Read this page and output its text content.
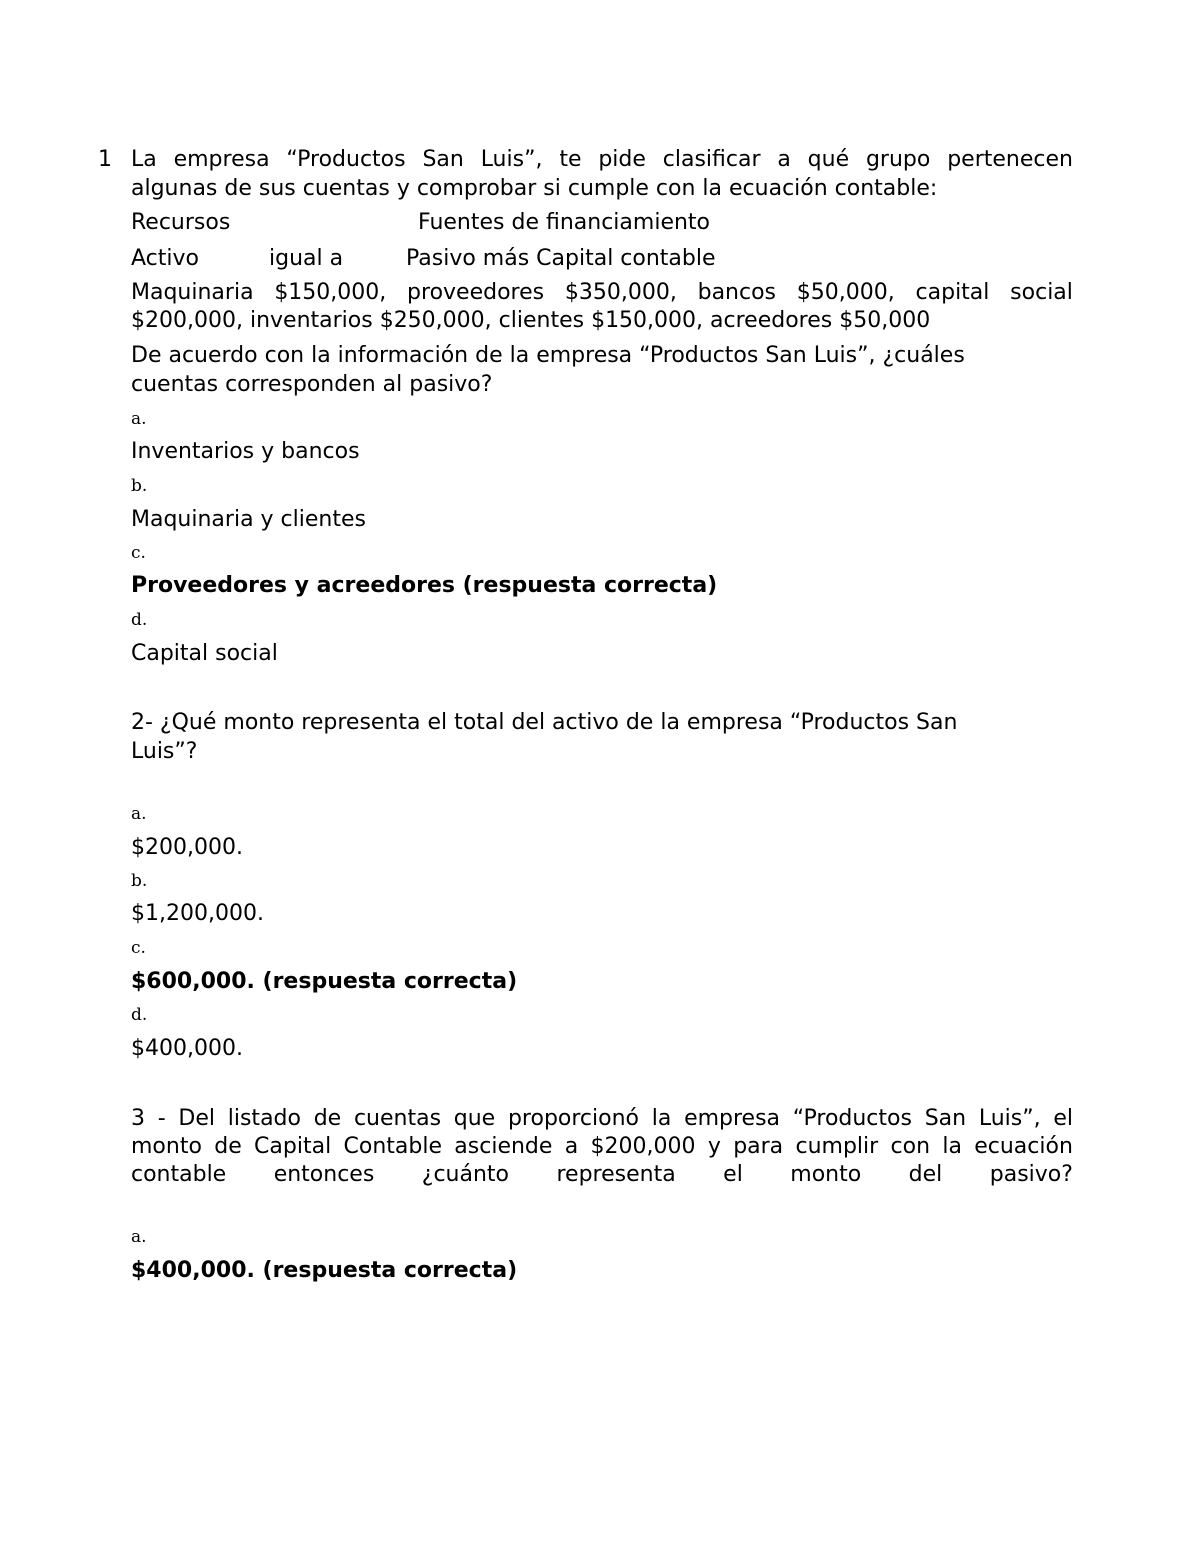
1 La empresa “Productos San Luis”, te pide clasificar a qué grupo pertenecen
algunas de sus cuentas y comprobar si cumple con la ecuación contable:
Recursos	Fuentes de financiamiento
Activo	igual a	Pasivo más Capital contable
Maquinaria $150,000, proveedores $350,000, bancos $50,000, capital social
$200,000, inventarios $250,000, clientes $150,000, acreedores $50,000
De acuerdo con la información de la empresa “Productos San Luis”, ¿cuáles
cuentas corresponden al pasivo?
a.
Inventarios y bancos
b.
Maquinaria y clientes
c.
Proveedores y acreedores (respuesta correcta)
d.
Capital social
2- ¿Qué monto representa el total del activo de la empresa “Productos San
Luis”?
a.
$200,000.
b.
$1,200,000.
c.
$600,000. (respuesta correcta)
d.
$400,000.
3 - Del listado de cuentas que proporcionó la empresa “Productos San Luis”, el
monto de Capital Contable asciende a $200,000 y para cumplir con la ecuación
contable entonces ¿cuánto representa el monto del pasivo?
a.
$400,000. (respuesta correcta)
